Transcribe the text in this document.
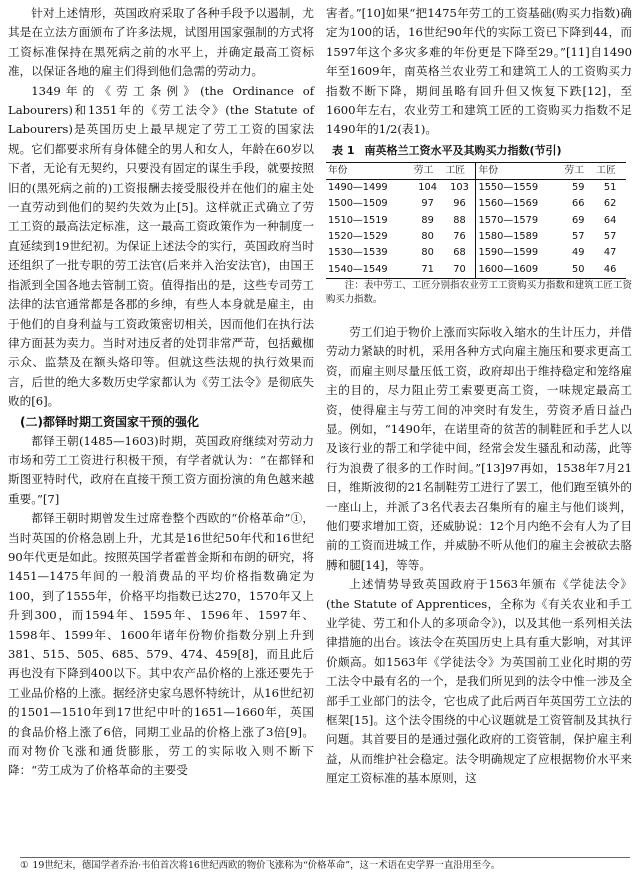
针对上述情形，英国政府采取了各种手段予以遏制，尤其是在立法方面颁布了许多法规，试图用国家强制的方式将工资标准保持在黑死病之前的水平上，并确定最高工资标准，以保证各地的雇主们得到他们急需的劳动力。

1349年的《劳工条例》(the Ordinance of Labourers)和1351年的《劳工法令》(the Statute of Labourers)是英国历史上最早规定了劳工工资的国家法规。它们都要求所有身体健全的男人和女人，年龄在60岁以下者，无论有无契约，只要没有固定的谋生手段，就要按照旧的(黑死病之前的)工资报酬去接受服役并在他们的雇主处一直劳动到他们的契约失效为止[5]。这样就正式确立了劳工工资的最高法定标准，这一最高工资政策作为一种制度一直延续到19世纪初。为保证上述法令的实行，英国政府当时还组织了一批专职的劳工法官(后来并入治安法官)，由国王指派到全国各地去管制工资。值得指出的是，这些专司劳工法律的法官通常都是各郡的乡绅，有些人本身就是雇主，由于他们的自身利益与工资政策密切相关，因而他们在执行法律方面甚为卖力。当时对违反者的处罚非常严苛，包括戴枷示众、监禁及在额头烙印等。但就这些法规的执行效果而言，后世的绝大多数历史学家都认为《劳工法令》是彻底失败的[6]。

(二)都铎时期工资国家干预的强化

都铎王朝(1485—1603)时期，英国政府继续对劳动力市场和劳工工资进行积极干预，有学者就认为：“在都铎和斯图亚特时代，政府在直接干预工资方面扮演的角色越来越重要。”[7]

都铎王朝时期曾发生过席卷整个西欧的“价格革命”①，当时英国的价格急剧上升，尤其是16世纪50年代和16世纪90年代更是如此。按照英国学者霍普金斯和布朗的研究，将1451—1475年间的一般消费品的平均价格指数确定为100，到了1555年，价格平均指数已达270，1570年又上升到300，而1594年、1595年、1596年、1597年、1598年、1599年、1600年诸年份物价指数分别上升到381、515、505、685、579、474、459[8]，而且此后再也没有下降到400以下。其中农产品价格的上涨还要先于工业品价格的上涨。据经济史家乌恩怀特统计，从16世纪初的1501—1510年到17世纪中叶的1651—1660年，英国的食品价格上涨了6倍，同期工业品的价格上涨了3倍[9]。而对物价飞涨和通货膨胀，劳工的实际收入则不断下降：“劳工成为了价格革命的主要受

害者。”[10]如果“把1475年劳工的工资基础(购买力指数)确定为100的话，16世纪90年代的实际工资已下降到44，而1597年这个多灾多难的年份更是下降至29。”[11]自1490年至1609年，南英格兰农业劳工和建筑工人的工资购买力指数不断下降，期间虽略有回升但又恢复下跌[12]，至1600年左右，农业劳工和建筑工匠的工资购买力指数不足1490年的1/2(表1)。

表 1 南英格兰工资水平及其购买力指数(节引)
年份	劳工	工匠	年份	劳工	工匠
1490—1499	104	103	1550—1559	59	51
1500—1509	97	96	1560—1569	66	62
1510—1519	89	88	1570—1579	69	64
1520—1529	80	76	1580—1589	57	57
1530—1539	80	68	1590—1599	49	47
1540—1549	71	70	1600—1609	50	46

注：表中劳工、工匠分别指农业劳工工资购买力指数和建筑工匠工资购买力指数。

劳工们迫于物价上涨而实际收入缩水的生计压力，并借劳动力紧缺的时机，采用各种方式向雇主施压和要求更高工资，而雇主则尽量压低工资，政府却出于维持稳定和笼络雇主的目的，尽力阻止劳工索要更高工资，一味规定最高工资，使得雇主与劳工间的冲突时有发生，劳资矛盾日益凸显。例如，“1490年，在诺里奇的贫苦的制鞋匠和手艺人以及该行业的帮工和学徒中间，经常会发生骚乱和动荡，此等行为浪费了很多的工作时间。”[13]97再如，1538年7月21日，维斯波彻的21名制鞋劳工进行了罢工，他们跑至镇外的一座山上，并派了3名代表去召集所有的雇主与他们谈判，他们要求增加工资，还威胁说：12个月内绝不会有人为了目前的工资而进城工作，并威胁不听从他们的雇主会被砍去胳膊和腿[14]，等等。

上述情势导致英国政府于1563年颁布《学徒法令》(the Statute of Apprentices，全称为《有关农业和手工业学徒、劳工和仆人的多项命令》)，以及其他一系列相关法律措施的出台。该法令在英国历史上具有重大影响，对其评价颇高。如1563年《学徒法令》为英国前工业化时期的劳工法令中最有名的一个，是我们所见到的法令中惟一涉及全部手工业部门的法令，它也成了此后两百年英国劳工立法的框架[15]。这个法令围绕的中心议题就是工资管制及其执行问题。其首要目的是通过强化政府的工资管制，保护雇主利益，从而维护社会稳定。法令明确规定了应根据物价水平来厘定工资标准的基本原则，这

① 19世纪末，德国学者乔治·韦伯首次将16世纪西欧的物价飞涨称为“价格革命”，这一术语在史学界一直沿用至今。
